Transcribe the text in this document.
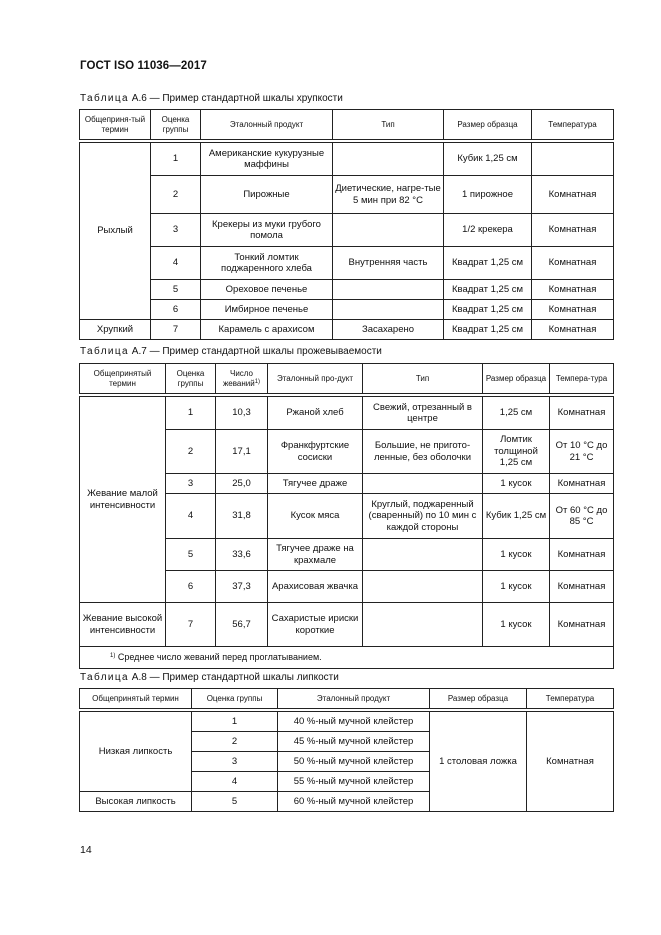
ГОСТ ISO 11036—2017
Таблица А.6 — Пример стандартной шкалы хрупкости
Общеприня-тый термин	Оценка группы	Эталонный продукт	Тип	Размер образца	Температура

Рыхлый	1	Американские кукурузные маффины		Кубик 1,25 см	
	2	Пирожные	Диетические, нагре-тые 5 мин при 82 °С	1 пирожное	Комнатная
	3	Крекеры из муки грубого помола		1/2 крекера	Комнатная
	4	Тонкий ломтик поджаренного хлеба	Внутренняя часть	Квадрат 1,25 см	Комнатная
	5	Ореховое печенье		Квадрат 1,25 см	Комнатная
	6	Имбирное печенье		Квадрат 1,25 см	Комнатная
Хрупкий	7	Карамель с арахисом	Засахарено	Квадрат 1,25 см	Комнатная
Таблица А.7 — Пример стандартной шкалы прожевываемости
Общепринятый термин	Оценка группы	Число жеваний$^{1)}$	Эталонный про-дукт	Тип	Размер образца	Темпера-тура

Жевание малой интенсивности	1	10,3	Ржаной хлеб	Свежий, отрезанный в центре	1,25 см	Комнатная
	2	17,1	Франкфуртские сосиски	Большие, не пригото-ленные, без оболочки	Ломтик толщиной 1,25 см	От 10 °С до 21 °С
	3	25,0	Тягучее драже		1 кусок	Комнатная
	4	31,8	Кусок мяса	Круглый, поджаренный (сваренный) по 10 мин с каждой стороны	Кубик 1,25 см	От 60 °С до 85 °С
	5	33,6	Тягучее драже на крахмале		1 кусок	Комнатная
	6	37,3	Арахисовая жвачка		1 кусок	Комнатная
Жевание высокой интенсивности	7	56,7	Сахаристые ириски короткие		1 кусок	Комнатная
$^{1)}$ Среднее число жеваний перед проглатыванием.						
Таблица А.8 — Пример стандартной шкалы липкости
Общепринятый термин	Оценка группы	Эталонный продукт	Размер образца	Температура

Низкая липкость	1	40 %-ный мучной клейстер	1 столовая ложка	Комнатная
	2	45 %-ный мучной клейстер		
	3	50 %-ный мучной клейстер		
	4	55 %-ный мучной клейстер		
Высокая липкость	5	60 %-ный мучной клейстер		
14
